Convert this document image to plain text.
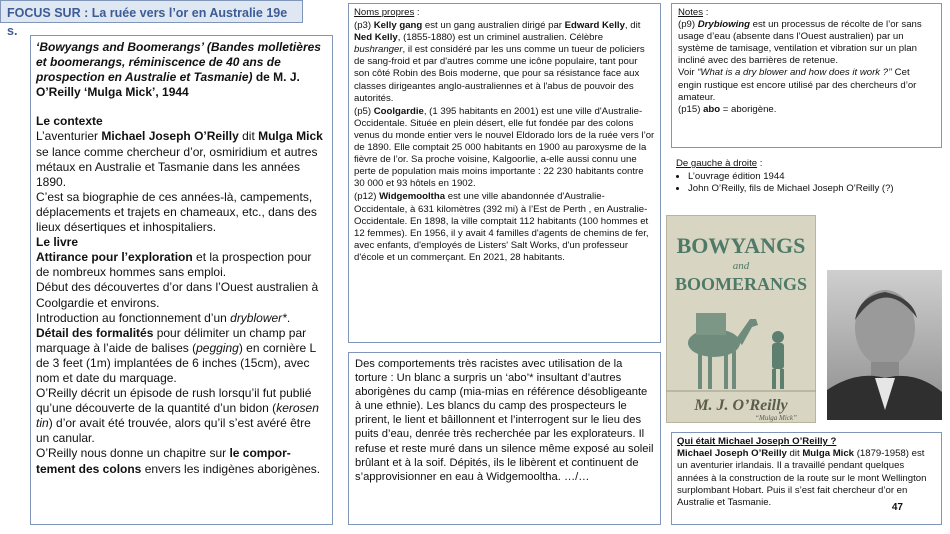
FOCUS SUR : La ruée vers l’or en Australie 19e s.

‘Bowyangs and Boomerangs’ (Bandes molletières et boomerangs, réminiscence de 40 ans de prospection en Australie et Tasmanie) de M. J. O’Reilly ‘Mulga Mick’, 1944

Le contexte

L’aventurier Michael Joseph O’Reilly dit Mulga Mick se lance comme chercheur d’or, osmiridium et autres métaux en Australie et Tasmanie dans les années 1890.

C’est sa biographie de ces années-là, campements, déplacements et trajets en chameaux, etc., dans des lieux désertiques et inhospitaliers.

Le livre

Attirance pour l’exploration et la prospection pour de nombreux hommes sans emploi.

Début des découvertes d’or dans l’Ouest australien à Coolgardie et environs.

Introduction au fonctionnement d’un dryblower*.

Détail des formalités pour délimiter un champ par marquage à l’aide de balises (pegging) en cornière L de 3 feet (1m) implantées de 6 inches (15cm), avec nom et date du marquage.

O’Reilly décrit un épisode de rush lorsqu’il fut publié qu’une découverte de la quantité d’un bidon (kerosen tin) d’or avait été trouvée, alors qu’il s’est avéré être un canular.

O’Reilly nous donne un chapitre sur le compor-tement des colons envers les indigènes aborigènes.

Noms propres :

(p3) Kelly gang est un gang australien dirigé par Edward Kelly, dit Ned Kelly, (1855-1880) est un criminel australien. Célèbre bushranger, il est considéré par les uns comme un tueur de policiers de sang-froid et par d'autres comme une icône populaire, tant pour son côté Robin des Bois moderne, que pour sa résistance face aux classes dirigeantes anglo-australiennes et à l'abus de pouvoir des autorités.

(p5) Coolgardie, (1 395 habitants en 2001) est une ville d'Australie-Occidentale. Située en plein désert, elle fut fondée par des colons venus du monde entier vers le nouvel Eldorado lors de la ruée vers l’or de 1890. Elle comptait 25 000 habitants en 1900 au paroxysme de la fièvre de l’or. Sa proche voisine, Kalgoorlie, a-elle aussi connu une perte de population mais moins importante : 22 230 habitants contre 30 000 et 93 hôtels en 1902.

(p12) Widgemooltha est une ville abandonnée d'Australie-Occidentale, à 631 kilomètres (392 mi) à l’Est de Perth , en Australie-Occidentale. En 1898, la ville comptait 112 habitants (100 hommes et 12 femmes). En 1956, il y avait 4 familles d'agents de chemins de fer, avec enfants, d'employés de Listers' Salt Works, d'un professeur d'école et un commerçant. En 2021, 28 habitants.

Des comportements très racistes avec utilisation de la torture : Un blanc a surpris un ‘abo’* insultant d’autres aborigènes du camp (mia-mias en référence désobligeante à une ethnie). Les blancs du camp des prospecteurs le prirent, le lient et bâillonnent et l’interrogent sur le lieu des puits d’eau, denrée très recherchée par les explorateurs. Il refuse et reste muré dans un silence même exposé au soleil brûlant et à la soif. Dépités, ils le libèrent et continuent de s’approvisionner en eau à Widgemooltha. …/…

Notes :

(p9) Drybiowing est un processus de récolte de l’or sans usage d’eau (absente dans l’Ouest australien) par un système de tamisage, ventilation et vibration sur un plan incliné avec des barrières de retenue.

Voir “What is a dry blower and how does it work ?’’ Cet engin rustique est encore utilisé par des chercheurs d’or amateur.

(p15) abo = aborigène.

De gauche à droite :

• L’ouvrage édition 1944
• John O’Reilly, fils de Michael Joseph O’Reilly (?)
BOWYANGS
and
BOOMERANGS
M. J. O’Reilly
“Mulga Mick”

Qui était Michael Joseph O’Reilly ?

Michael Joseph O’Reilly dit Mulga Mick (1879-1958) est un aventurier irlandais. Il a travaillé pendant quelques années à la construction de la route sur le mont Wellington surplombant Hobart. Puis il s’est fait chercheur d’or en Australie et Tasmanie.	47
